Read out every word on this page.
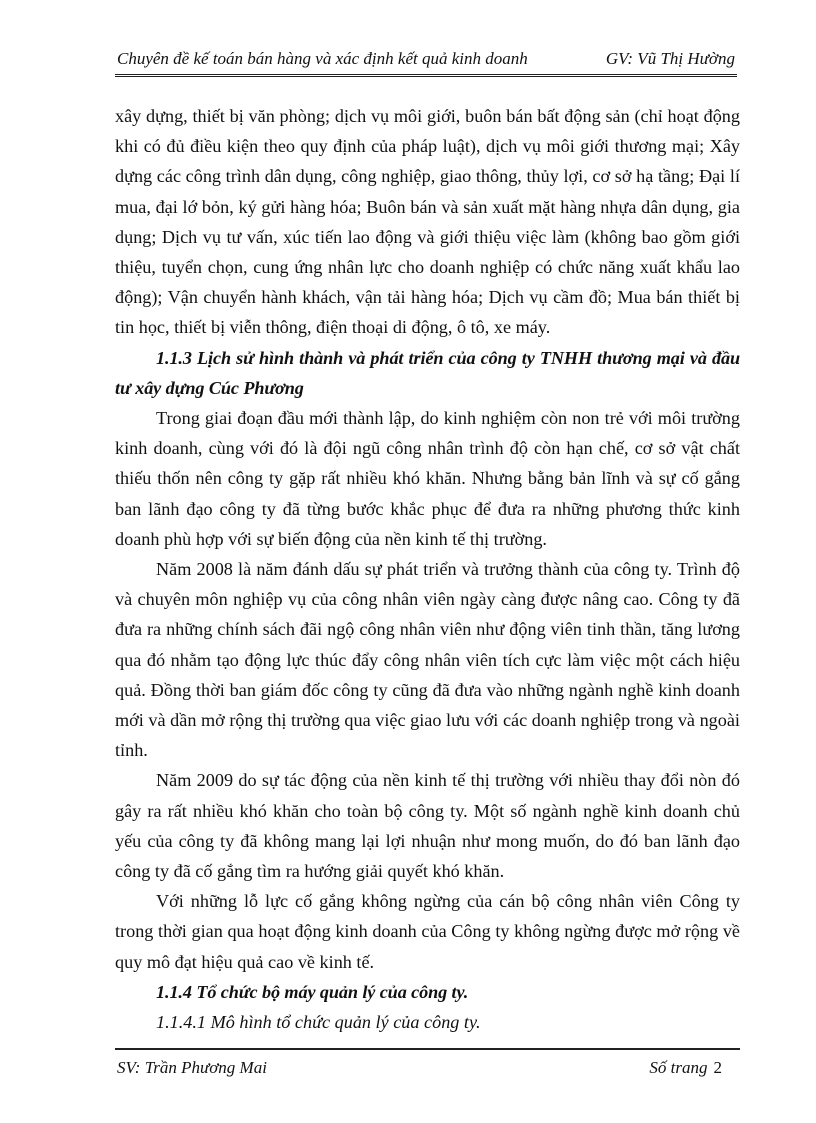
Chuyên đề kế toán bán hàng và xác định kết quả kinh doanh	GV: Vũ Thị Hường

xây dựng, thiết bị văn phòng; dịch vụ môi giới, buôn bán bất động sản (chỉ hoạt động khi có đủ điều kiện theo quy định của pháp luật), dịch vụ môi giới thương mại; Xây dựng các công trình dân dụng, công nghiệp, giao thông, thủy lợi, cơ sở hạ tầng; Đại lí mua, đại lớ bỏn, ký gửi hàng hóa; Buôn bán và sản xuất mặt hàng nhựa dân dụng, gia dụng; Dịch vụ tư vấn, xúc tiến lao động và giới thiệu việc làm (không bao gồm giới thiệu, tuyển chọn, cung ứng nhân lực cho doanh nghiệp có chức năng xuất khẩu lao động); Vận chuyển hành khách, vận tải hàng hóa; Dịch vụ cầm đồ; Mua bán thiết bị tin học, thiết bị viễn thông, điện thoại di động, ô tô, xe máy.

1.1.3 Lịch sử hình thành và phát triển của công ty TNHH thương mại và đầu tư xây dựng Cúc Phương

Trong giai đoạn đầu mới thành lập, do kinh nghiệm còn non trẻ với môi trường kinh doanh, cùng với đó là đội ngũ công nhân trình độ còn hạn chế, cơ sở vật chất thiếu thốn nên công ty gặp rất nhiều khó khăn. Nhưng bằng bản lĩnh và sự cố gắng ban lãnh đạo công ty đã từng bước khắc phục để đưa ra những phương thức kinh doanh phù hợp với sự biến động của nền kinh tế thị trường.

Năm 2008 là năm đánh dấu sự phát triển và trưởng thành của công ty. Trình độ và chuyên môn nghiệp vụ của công nhân viên ngày càng được nâng cao. Công ty đã đưa ra những chính sách đãi ngộ công nhân viên như động viên tinh thần, tăng lương qua đó nhằm tạo động lực thúc đẩy công nhân viên tích cực làm việc một cách hiệu quả. Đồng thời ban giám đốc công ty cũng đã đưa vào những ngành nghề kinh doanh mới và dần mở rộng thị trường qua việc giao lưu với các doanh nghiệp trong và ngoài tỉnh.

Năm 2009 do sự tác động của nền kinh tế thị trường với nhiều thay đổi nòn đó gây ra rất nhiều khó khăn cho toàn bộ công ty. Một số ngành nghề kinh doanh chủ yếu của công ty đã không mang lại lợi nhuận như mong muốn, do đó ban lãnh đạo công ty đã cố gắng tìm ra hướng giải quyết khó khăn.

Với những lỗ lực cố gắng không ngừng của cán bộ công nhân viên Công ty trong thời gian qua hoạt động kinh doanh của Công ty không ngừng được mở rộng về quy mô đạt hiệu quả cao về kinh tế.

1.1.4 Tổ chức bộ máy quản lý của công ty.

1.1.4.1 Mô hình tổ chức quản lý của công ty.

SV: Trần Phương Mai	Số trang 2
